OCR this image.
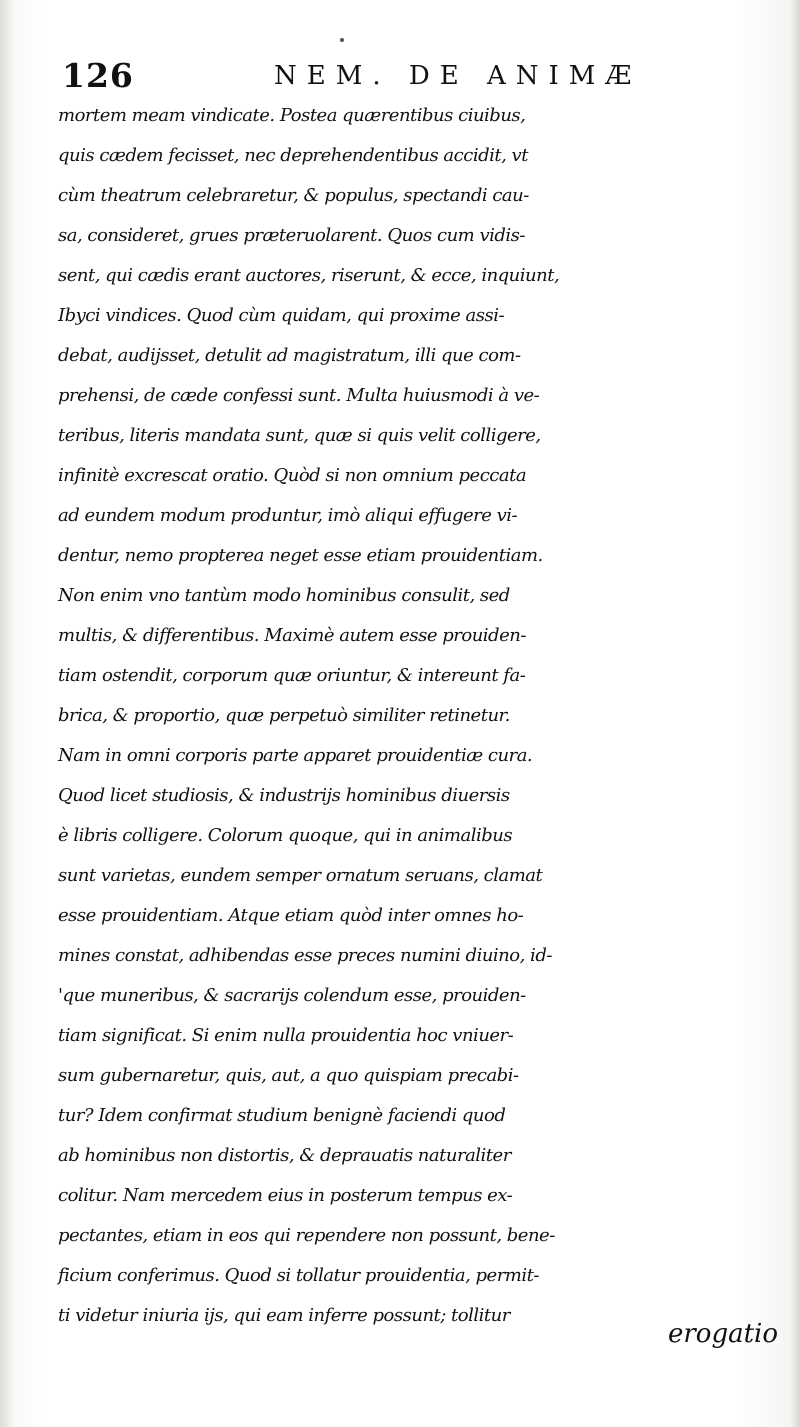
126	NEM. DE ANIMÆ
mortem meam vindicate. Postea quærentibus ciuibus,
quis cædem fecisset, nec deprehendentibus accidit, vt
cùm theatrum celebraretur, & populus, spectandi cau-
sa, consideret, grues præteruolarent. Quos cum vidis-
sent, qui cædis erant auctores, riserunt, & ecce, inquiunt,
Ibyci vindices. Quod cùm quidam, qui proxime assi-
debat, audijsset, detulit ad magistratum, illi que com-
prehensi, de cæde confessi sunt. Multa huiusmodi à ve-
teribus, literis mandata sunt, quæ si quis velit colligere,
infinitè excrescat oratio. Quòd si non omnium peccata
ad eundem modum produntur, imò aliqui effugere vi-
dentur, nemo propterea neget esse etiam prouidentiam.
Non enim vno tantùm modo hominibus consulit, sed
multis, & differentibus. Maximè autem esse prouiden-
tiam ostendit, corporum quæ oriuntur, & intereunt fa-
brica, & proportio, quæ perpetuò similiter retinetur.
Nam in omni corporis parte apparet prouidentiæ cura.
Quod licet studiosis, & industrijs hominibus diuersis
è libris colligere. Colorum quoque, qui in animalibus
sunt varietas, eundem semper ornatum seruans, clamat
esse prouidentiam. Atque etiam quòd inter omnes ho-
mines constat, adhibendas esse preces numini diuino, id-
'que muneribus, & sacrarijs colendum esse, prouiden-
tiam significat. Si enim nulla prouidentia hoc vniuer-
sum gubernaretur, quis, aut, a quo quispiam precabi-
tur? Idem confirmat studium benignè faciendi quod
ab hominibus non distortis, & deprauatis naturaliter
colitur. Nam mercedem eius in posterum tempus ex-
pectantes, etiam in eos qui rependere non possunt, bene-
ficium conferimus. Quod si tollatur prouidentia, permit-
ti videtur iniuria ijs, qui eam inferre possunt; tollitur
erogatio
